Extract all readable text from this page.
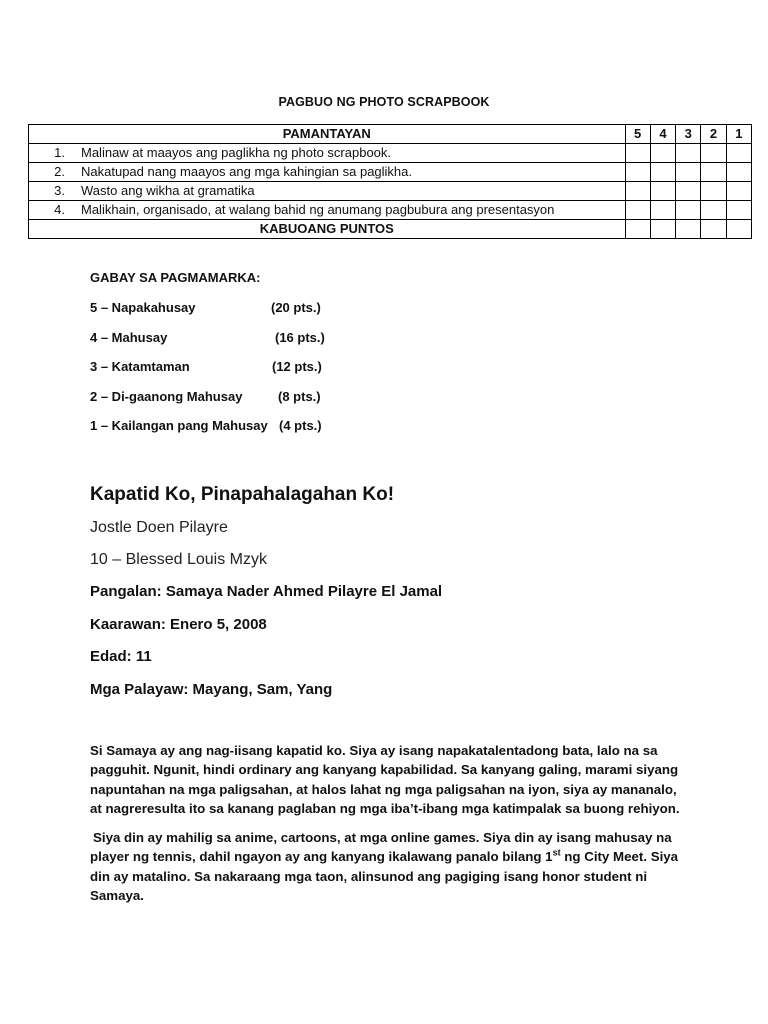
PAGBUO NG PHOTO SCRAPBOOK
PAMANTAYAN	5	4	3	2	1
1. Malinaw at maayos ang paglikha ng photo scrapbook.					
2. Nakatupad nang maayos ang mga kahingian sa paglikha.					
3. Wasto ang wikha at gramatika					
4. Malikhain, organisado, at walang bahid ng anumang pagbubura ang presentasyon					
KABUOANG PUNTOS					
GABAY SA PAGMAMARKA:
5 – Napakahusay	(20 pts.)
4 – Mahusay	(16 pts.)
3 – Katamtaman	(12 pts.)
2 – Di-gaanong Mahusay	(8 pts.)
1 – Kailangan pang Mahusay (4 pts.)
Kapatid Ko, Pinapahalagahan Ko!
Jostle Doen Pilayre
10 – Blessed Louis Mzyk
Pangalan: Samaya Nader Ahmed Pilayre El Jamal
Kaarawan: Enero 5, 2008
Edad: 11
Mga Palayaw: Mayang, Sam, Yang
Si Samaya ay ang nag-iisang kapatid ko. Siya ay isang napakatalentadong bata, lalo na sa pagguhit. Ngunit, hindi ordinary ang kanyang kapabilidad. Sa kanyang galing, marami siyang napuntahan na mga paligsahan, at halos lahat ng mga paligsahan na iyon, siya ay mananalo, at nagreresulta ito sa kanang paglaban ng mga iba’t-ibang mga katimpalak sa buong rehiyon.
Siya din ay mahilig sa anime, cartoons, at mga online games. Siya din ay isang mahusay na player ng tennis, dahil ngayon ay ang kanyang ikalawang panalo bilang 1st ng City Meet. Siya din ay matalino. Sa nakaraang mga taon, alinsunod ang pagiging isang honor student ni Samaya.
